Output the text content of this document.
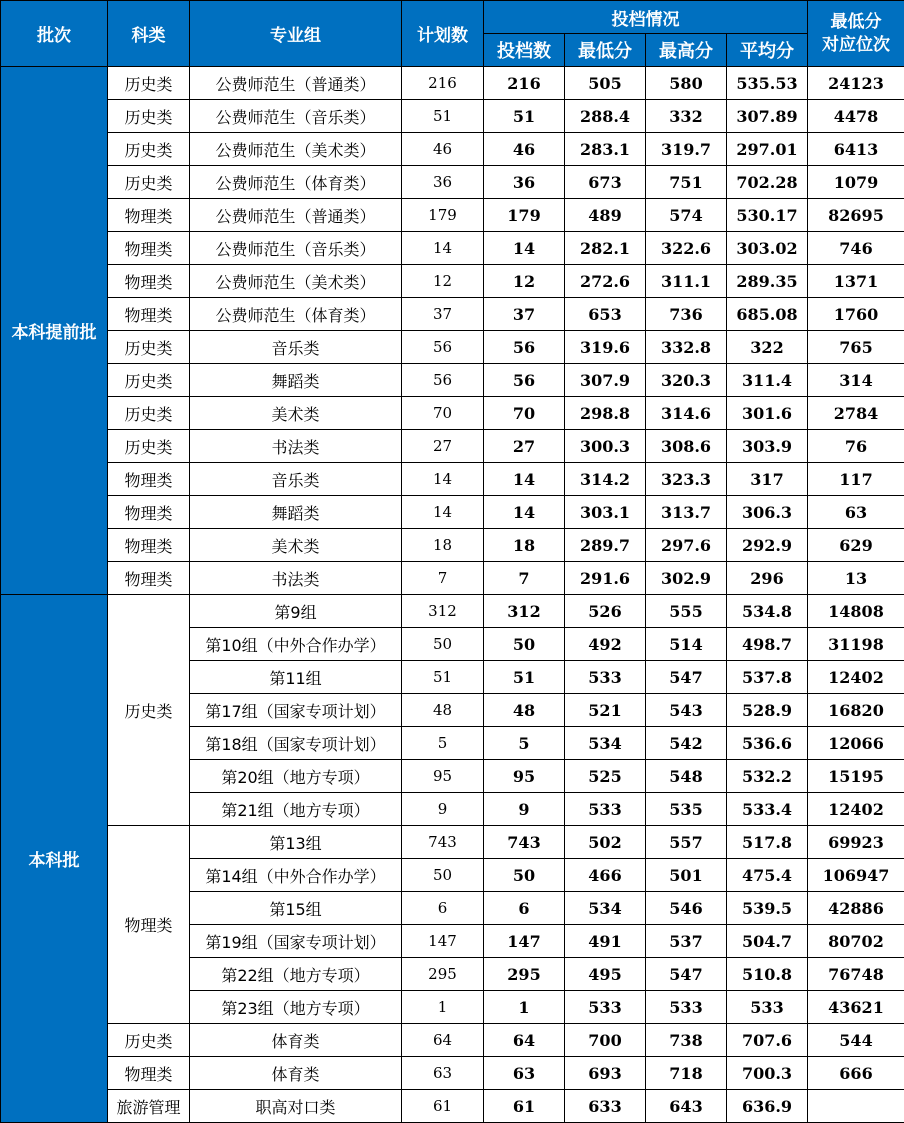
批次	科类	专业组	计划数	投档情况				最低分
对应位次

				投档数	最低分	最高分	平均分	
本科提前批	历史类	公费师范生（普通类）	216	216	505	580	535.53	24123
	历史类	公费师范生（音乐类）	51	51	288.4	332	307.89	4478
	历史类	公费师范生（美术类）	46	46	283.1	319.7	297.01	6413
	历史类	公费师范生（体育类）	36	36	673	751	702.28	1079
	物理类	公费师范生（普通类）	179	179	489	574	530.17	82695
	物理类	公费师范生（音乐类）	14	14	282.1	322.6	303.02	746
	物理类	公费师范生（美术类）	12	12	272.6	311.1	289.35	1371
	物理类	公费师范生（体育类）	37	37	653	736	685.08	1760
	历史类	音乐类	56	56	319.6	332.8	322	765
	历史类	舞蹈类	56	56	307.9	320.3	311.4	314
	历史类	美术类	70	70	298.8	314.6	301.6	2784
	历史类	书法类	27	27	300.3	308.6	303.9	76
	物理类	音乐类	14	14	314.2	323.3	317	117
	物理类	舞蹈类	14	14	303.1	313.7	306.3	63
	物理类	美术类	18	18	289.7	297.6	292.9	629
	物理类	书法类	7	7	291.6	302.9	296	13
本科批	历史类	第9组	312	312	526	555	534.8	14808
		第10组（中外合作办学）	50	50	492	514	498.7	31198
		第11组	51	51	533	547	537.8	12402
		第17组（国家专项计划）	48	48	521	543	528.9	16820
		第18组（国家专项计划）	5	5	534	542	536.6	12066
		第20组（地方专项）	95	95	525	548	532.2	15195
		第21组（地方专项）	9	9	533	535	533.4	12402
	物理类	第13组	743	743	502	557	517.8	69923
		第14组（中外合作办学）	50	50	466	501	475.4	106947
		第15组	6	6	534	546	539.5	42886
		第19组（国家专项计划）	147	147	491	537	504.7	80702
		第22组（地方专项）	295	295	495	547	510.8	76748
		第23组（地方专项）	1	1	533	533	533	43621
	历史类	体育类	64	64	700	738	707.6	544
	物理类	体育类	63	63	693	718	700.3	666
	旅游管理	职高对口类	61	61	633	643	636.9	
